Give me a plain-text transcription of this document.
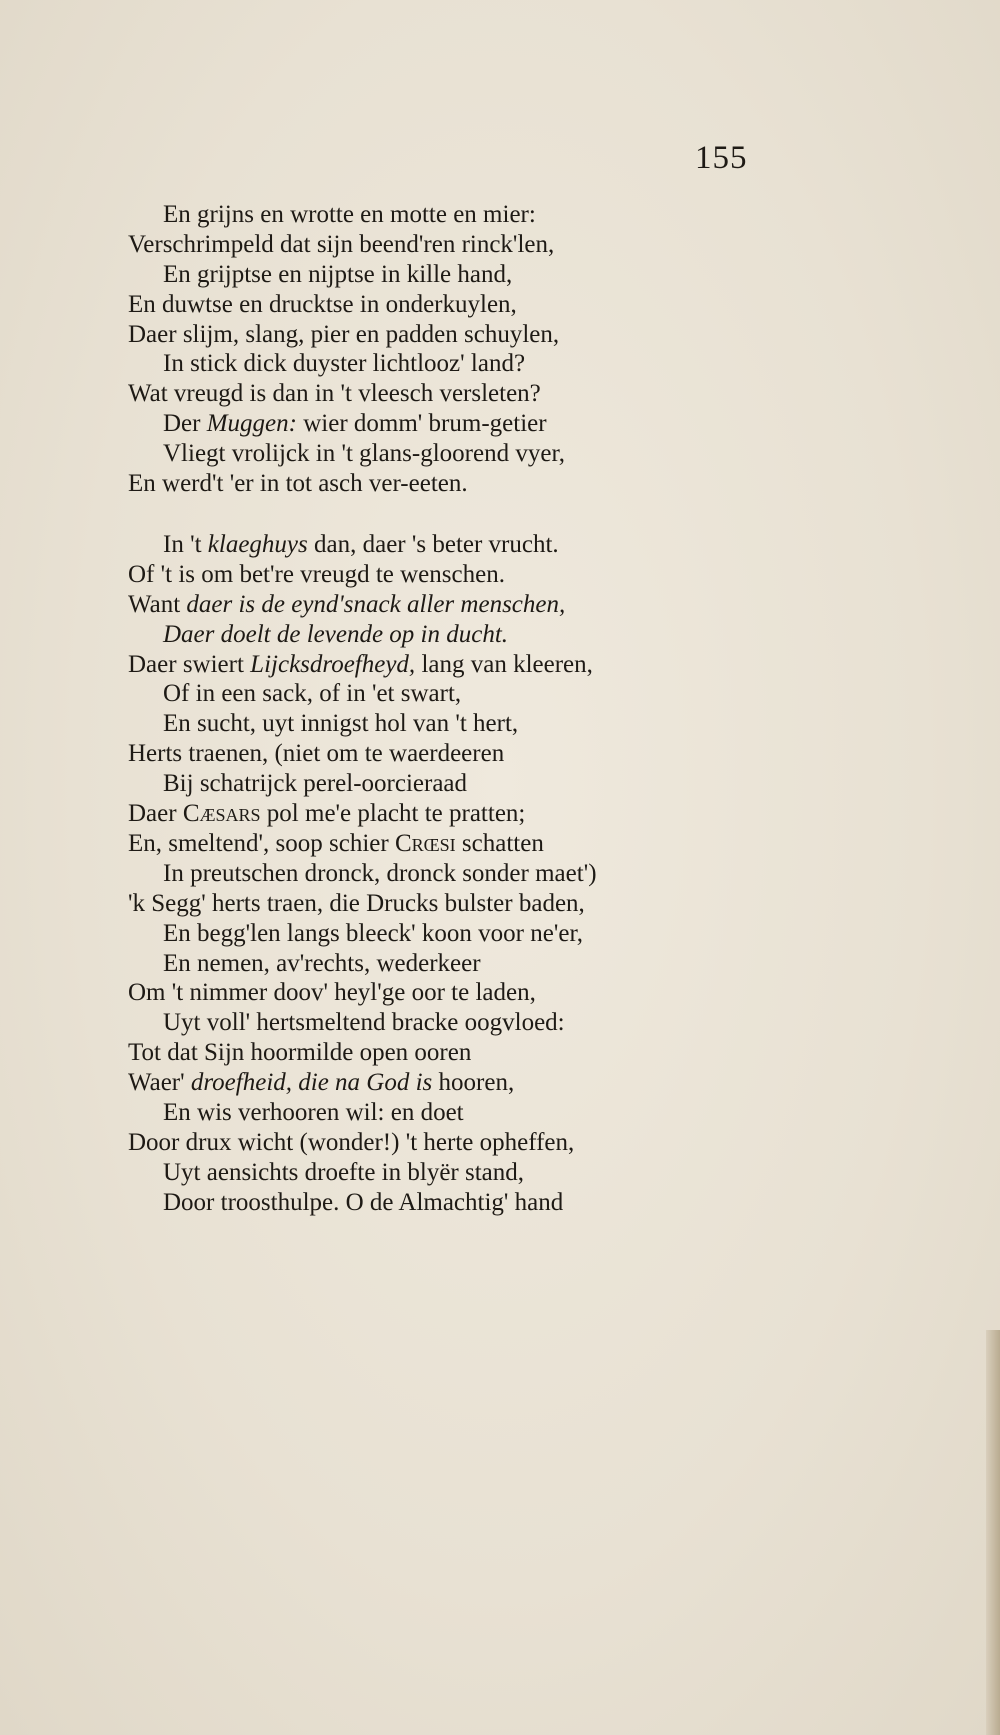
155
En grijns en wrotte en motte en mier:
Verschrimpeld dat sijn beend'ren rinck'len,
En grijptse en nijptse in kille hand,
En duwtse en drucktse in onderkuylen,
Daer slijm, slang, pier en padden schuylen,
In stick dick duyster lichtlooz' land?
Wat vreugd is dan in 't vleesch versleten?
Der Muggen: wier domm' brum-getier
Vliegt vrolijck in 't glans-gloorend vyer,
En werd't 'er in tot asch ver-eeten.
In 't klaeghuys dan, daer 's beter vrucht.
Of 't is om bet're vreugd te wenschen.
Want daer is de eynd'snack aller menschen,
Daer doelt de levende op in ducht.
Daer swiert Lijcksdroefheyd, lang van kleeren,
Of in een sack, of in 'et swart,
En sucht, uyt innigst hol van 't hert,
Herts traenen, (niet om te waerdeeren
Bij schatrijck perel-oorcieraad
Daer Cæsars pol me'e placht te pratten;
En, smeltend', soop schier Crœsi schatten
In preutschen dronck, dronck sonder maet')
'k Segg' herts traen, die Drucks bulster baden,
En begg'len langs bleeck' koon voor ne'er,
En nemen, av'rechts, wederkeer
Om 't nimmer doov' heyl'ge oor te laden,
Uyt voll' hertsmeltend bracke oogvloed:
Tot dat Sijn hoormilde open ooren
Waer' droefheid, die na God is hooren,
En wis verhooren wil: en doet
Door drux wicht (wonder!) 't herte opheffen,
Uyt aensichts droefte in blyër stand,
Door troosthulpe. O de Almachtig' hand
